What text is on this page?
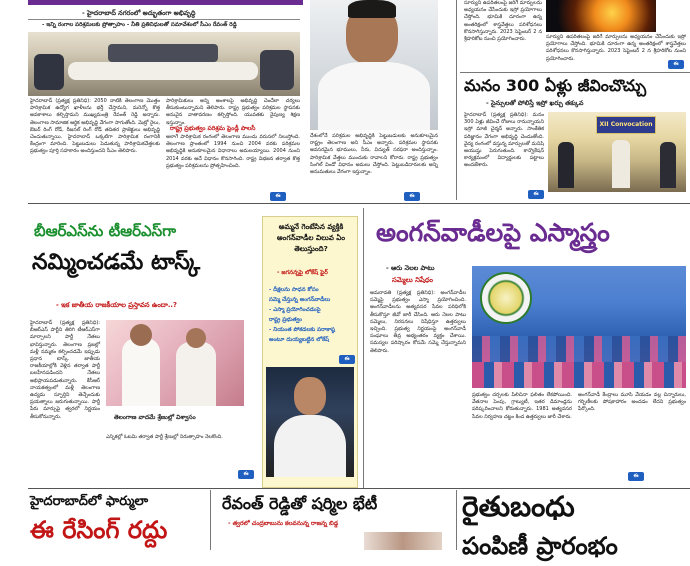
- హైదరాబాద్ నగరంలో అద్భుతంగా అభివృద్ధి
- ఇన్ని రంగాల పరిశ్రమలకు ప్రోత్సాహం - నీతి ప్రతినిధులతో సమావేశంలో సీఎం రేవంత్ రెడ్డి
హైదరాబాద్ (ప్రత్యక్ష ప్రతినిధి): 2050 నాటికి తెలంగాణ మొత్తం పారిశ్రామిక ఉద్యోగ ఖాళీలను భర్తీ చేస్తామని, మరెన్నో కొత్త అవకాశాలు కల్పిస్తామని ముఖ్యమంత్రి రేవంత్ రెడ్డి అన్నారు. తెలంగాణ సామాజిక ఆర్థిక అభివృద్ధి వేగంగా సాగుతోంది. మెట్రో రైలు, ఔటర్ రింగ్ రోడ్, రీజనల్ రింగ్ రోడ్ తదితర ప్రాజెక్టులు అభివృద్ధి చెందుతున్నాయి. హైదరాబాద్ ఒక్కటిగా పారిశ్రామిక రంగానికి కేంద్రంగా మారింది. పెట్టుబడులు పెడుతున్న పారిశ్రామికవేత్తలకు ప్రభుత్వం పూర్తి సహకారం అందిస్తుందని సీఎం తెలిపారు.
పారిశ్రామికులు అన్ని అంశాలపై అభివృద్ధి చెందేలా చర్యలు తీసుకుంటున్నామని తెలిపారు. రాష్ట్ర ప్రభుత్వం పరిశ్రమల స్థాపనకు అనువైన వాతావరణం కల్పిస్తోంది. యువతకు నైపుణ్య శిక్షణ ఇస్తున్నాం.
రాష్ట్ర ప్రభుత్వం పరిశ్రమ ఫ్రెండ్లీ పాలసీ
అలాగే పారిశ్రామిక రంగంలో తెలంగాణ ముందు వరుసలో నిలుస్తోంది. తెలంగాణ ప్రాంతంలో 1994 నుంచి 2004 వరకు పరిశ్రమల అభివృద్ధికి అనుకూలమైన విధానాలు అమలయ్యాయి. 2004 నుంచి 2014 వరకు అదే విధానం కొనసాగింది. రాష్ట్ర విభజన తర్వాత కొత్త ప్రభుత్వం పరిశ్రమలను ప్రోత్సహించింది.
దేశంలోనే పరిశ్రమల అభివృద్ధికి పెట్టుబడులకు అనుకూలమైన రాష్ట్రం తెలంగాణ అని సీఎం అన్నారు. పరిశ్రమల స్థాపనకు అవసరమైన భూములు, నీరు, విద్యుత్ సరఫరా అందిస్తున్నాం. పారిశ్రామిక వేత్తలు ముందుకు రావాలని కోరారు. రాష్ట్ర ప్రభుత్వం సింగిల్ విండో విధానం అమలు చేస్తోంది. పెట్టుబడిదారులకు అన్ని అనుమతులు వేగంగా ఇస్తున్నాం.
ఈ
ఈ
సూర్యుని ఉపరితలంపై జరిగే మార్పులను అధ్యయనం చేసేందుకు ఇస్రో ప్రయోగాలు చేస్తోంది. భూమికి దూరంగా ఉన్న అంతరిక్షంలో శాస్త్రవేత్తలు పరిశోధనలు కొనసాగిస్తున్నారు. 2023 సెప్టెంబర్ 2 న శ్రీహరికోట నుంచి ప్రయోగించారు.	సూర్యుని ఉపరితలంపై జరిగే మార్పులను అధ్యయనం చేసేందుకు ఇస్రో ప్రయోగాలు చేస్తోంది. భూమికి దూరంగా ఉన్న అంతరిక్షంలో శాస్త్రవేత్తలు పరిశోధనలు కొనసాగిస్తున్నారు. 2023 సెప్టెంబర్ 2 న శ్రీహరికోట నుంచి ప్రయోగించారు.
ఈ
మనం 300 ఏళ్లు జీవించొచ్చు
- సైన్సులతో పోలిస్తే ఇస్రో ఖర్చు తక్కువ
హైదరాబాద్ (ప్రత్యక్ష ప్రతినిధి): మనం 300 ఏళ్లు జీవించే రోజులు రానున్నాయని ఇస్రో మాజీ చైర్మన్ అన్నారు. సాంకేతిక పరిజ్ఞానం వేగంగా అభివృద్ధి చెందుతోంది. వైద్య రంగంలో వస్తున్న మార్పులతో మనిషి ఆయుష్షు పెరుగుతుంది. కాన్వొకేషన్ కార్యక్రమంలో విద్యార్థులకు పట్టాలు అందజేశారు.
XII Convocation
ఈ
బీఆర్ఎస్‌ను టీఆర్ఎస్‌గా
నమ్మించడమే టాస్క్
- ఇక జాతీయ రాజకీయాల ప్రస్తావన ఉందా..?
హైదరాబాద్ (ప్రత్యక్ష ప్రతినిధి): బీఆర్ఎస్ పార్టీని తిరిగి టీఆర్ఎస్‌గా మార్చాలని పార్టీ నేతలు భావిస్తున్నారు. తెలంగాణ ప్రజల్లో మళ్లీ నమ్మకం కల్పించడమే ఇప్పుడు ప్రధాన టాస్క్. జాతీయ రాజకీయాల్లోకి వెళ్లిన తర్వాత పార్టీ బలహీనపడిందని నేతలు అభిప్రాయపడుతున్నారు. కేసీఆర్ నాయకత్వంలో మళ్లీ తెలంగాణ ఉద్యమ స్ఫూర్తిని తెచ్చేందుకు ప్రయత్నాలు జరుగుతున్నాయి. పార్టీ పేరు మార్పుపై త్వరలో నిర్ణయం తీసుకోనున్నారు.	తెలంగాణ వాదమే శ్రేణుల్లో విశ్వాసం
ఎన్నికల్లో ఓటమి తర్వాత పార్టీ శ్రేణుల్లో నిరుత్సాహం నెలకొంది.
ఈ
అమ్మనే గెంటేసిన వ్యక్తికి అంగన్‌వాడీల విలువ ఏం తెలుస్తుంది?
- జగనన్నపై లోకేష్ ఫైర్
- దీక్షలను సాధన కోసం
సమ్మె చేస్తున్న అంగన్‌వాడీలు
- ఎస్మా ప్రయోగించడంపై
రాష్ట్ర ప్రభుత్వం
- నియంత పోకడలకు పరాకాష్ఠ
అంటూ దుయ్యబట్టిన లోకేష్
ఈ
అంగన్‌వాడీలపై ఎస్మాస్త్రం
- ఆరు నెలల పాటు
సమ్మెలు నిషేధం
అమరావతి (ప్రత్యక్ష ప్రతినిధి): అంగన్‌వాడీల సమ్మెపై ప్రభుత్వం ఎస్మా ప్రయోగించింది. అంగన్‌వాడీలను అత్యవసర సేవల పరిధిలోకి తీసుకొస్తూ జీవో జారీ చేసింది. ఆరు నెలల పాటు సమ్మెలు, నిరసనలు నిషేధిస్తూ ఉత్తర్వులు ఇచ్చింది. ప్రభుత్వ నిర్ణయంపై అంగన్‌వాడీ సంఘాలు తీవ్ర అభ్యంతరం వ్యక్తం చేశాయి. సమస్యల పరిష్కారం కోసమే సమ్మె చేస్తున్నామని తెలిపారు.
ప్రభుత్వం చర్చలకు పిలిచినా ఫలితం లేకపోయింది. వేతనాల పెంపు, గ్రాట్యుటీ, ఇతర డిమాండ్లను పరిష్కరించాలని కోరుతున్నారు. 1981 అత్యవసర సేవల నిర్వహణ చట్టం కింద ఉత్తర్వులు జారీ చేశారు.
అంగన్‌వాడీ కేంద్రాలు మూసి వేయడం వల్ల చిన్నారులు, గర్భిణీలకు పోషకాహారం అందడం లేదని ప్రభుత్వం పేర్కొంది.
ఈ
హైదరాబాద్‌లో ఫార్ములా
ఈ రేసింగ్ రద్దు
రేవంత్ రెడ్డితో షర్మిల భేటీ
- త్వరలో చంద్రబాబును కలవనున్న రాజన్న బిడ్డ
రైతుబంధు
పంపిణీ ప్రారంభం
